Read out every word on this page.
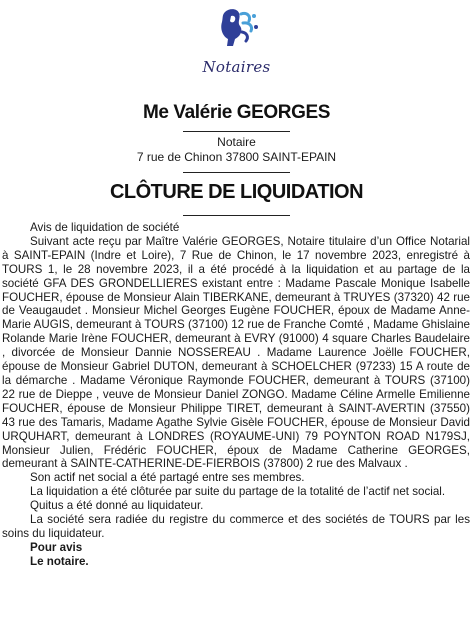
Notaires
Me Valérie GEORGES
Notaire
7 rue de Chinon 37800 SAINT-EPAIN
CLÔTURE DE LIQUIDATION

Avis de liquidation de société

Suivant acte reçu par Maître Valérie GEORGES, Notaire titulaire d’un Office Notarial à SAINT-EPAIN (Indre et Loire), 7 Rue de Chinon, le 17 novembre 2023, enregistré à TOURS 1, le 28 novembre 2023, il a été procédé à la liquidation et au partage de la société GFA DES GRONDELLIERES existant entre : Madame Pascale Monique Isabelle FOUCHER, épouse de Monsieur Alain TIBERKANE, demeurant à TRUYES (37320) 42 rue de Veaugaudet . Monsieur Michel Georges Eugène FOUCHER, époux de Madame Anne-Marie AUGIS, demeurant à TOURS (37100) 12 rue de Franche Comté , Madame Ghislaine Rolande Marie Irène FOUCHER, demeurant à EVRY (91000) 4 square Charles Baudelaire , divorcée de Monsieur Dannie NOSSEREAU . Madame Laurence Joëlle FOUCHER, épouse de Monsieur Gabriel DUTON, demeurant à SCHOELCHER (97233) 15 A route de la démarche . Madame Véronique Raymonde FOUCHER, demeurant à TOURS (37100) 22 rue de Dieppe , veuve de Monsieur Daniel ZONGO. Madame Céline Armelle Emilienne FOUCHER, épouse de Monsieur Philippe TIRET, demeurant à SAINT-AVERTIN (37550) 43 rue des Tamaris, Madame Agathe Sylvie Gisèle FOUCHER, épouse de Monsieur David URQUHART, demeurant à LONDRES (ROYAUME-UNI) 79 POYNTON ROAD N179SJ, Monsieur Julien, Frédéric FOUCHER, époux de Madame Catherine GEORGES, demeurant à SAINTE-CATHERINE-DE-FIERBOIS (37800) 2 rue des Malvaux .

Son actif net social a été partagé entre ses membres.

La liquidation a été clôturée par suite du partage de la totalité de l’actif net social.

Quitus a été donné au liquidateur.

La société sera radiée du registre du commerce et des sociétés de TOURS par les soins du liquidateur.

Pour avis
Le notaire.
